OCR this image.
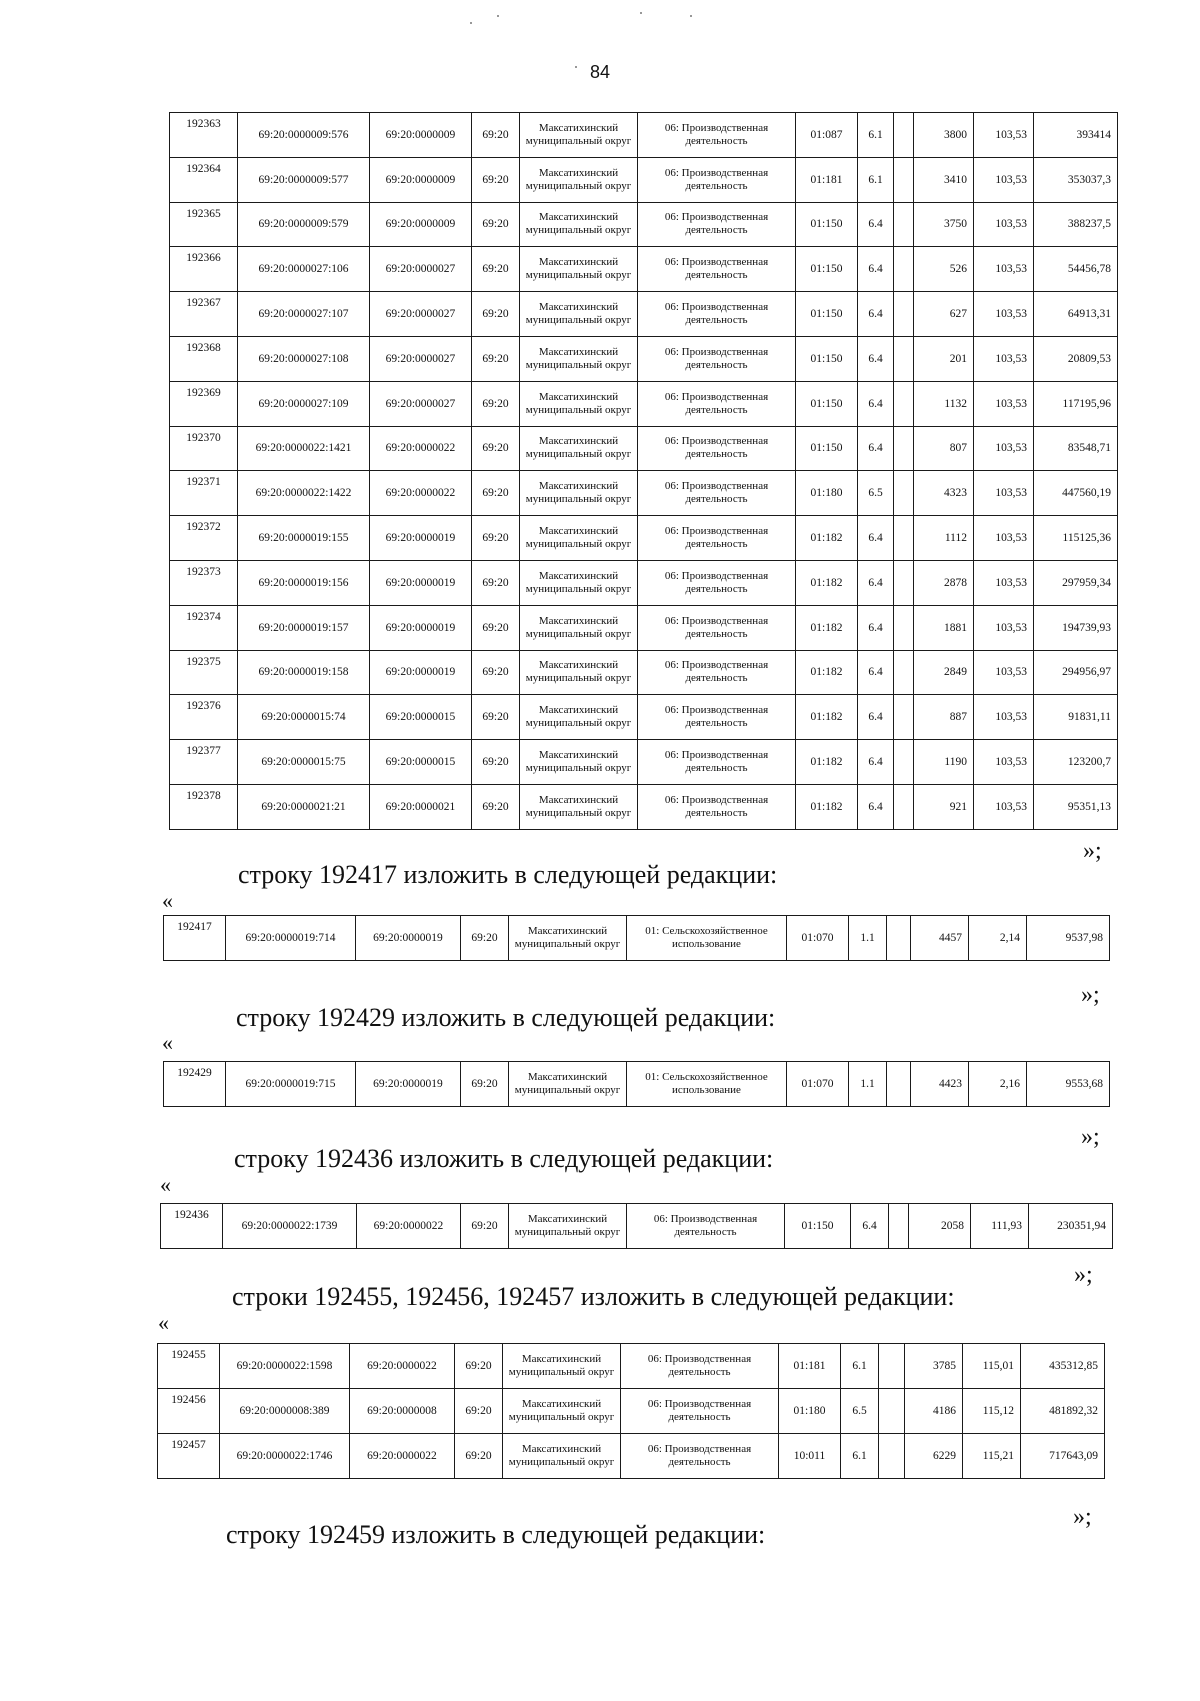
84
192363	69:20:0000009:576	69:20:0000009	69:20	Максатихинский муниципальный округ	06: Производственная деятельность	01:087	6.1		3800	103,53	393414
192364	69:20:0000009:577	69:20:0000009	69:20	Максатихинский муниципальный округ	06: Производственная деятельность	01:181	6.1		3410	103,53	353037,3
192365	69:20:0000009:579	69:20:0000009	69:20	Максатихинский муниципальный округ	06: Производственная деятельность	01:150	6.4		3750	103,53	388237,5
192366	69:20:0000027:106	69:20:0000027	69:20	Максатихинский муниципальный округ	06: Производственная деятельность	01:150	6.4		526	103,53	54456,78
192367	69:20:0000027:107	69:20:0000027	69:20	Максатихинский муниципальный округ	06: Производственная деятельность	01:150	6.4		627	103,53	64913,31
192368	69:20:0000027:108	69:20:0000027	69:20	Максатихинский муниципальный округ	06: Производственная деятельность	01:150	6.4		201	103,53	20809,53
192369	69:20:0000027:109	69:20:0000027	69:20	Максатихинский муниципальный округ	06: Производственная деятельность	01:150	6.4		1132	103,53	117195,96
192370	69:20:0000022:1421	69:20:0000022	69:20	Максатихинский муниципальный округ	06: Производственная деятельность	01:150	6.4		807	103,53	83548,71
192371	69:20:0000022:1422	69:20:0000022	69:20	Максатихинский муниципальный округ	06: Производственная деятельность	01:180	6.5		4323	103,53	447560,19
192372	69:20:0000019:155	69:20:0000019	69:20	Максатихинский муниципальный округ	06: Производственная деятельность	01:182	6.4		1112	103,53	115125,36
192373	69:20:0000019:156	69:20:0000019	69:20	Максатихинский муниципальный округ	06: Производственная деятельность	01:182	6.4		2878	103,53	297959,34
192374	69:20:0000019:157	69:20:0000019	69:20	Максатихинский муниципальный округ	06: Производственная деятельность	01:182	6.4		1881	103,53	194739,93
192375	69:20:0000019:158	69:20:0000019	69:20	Максатихинский муниципальный округ	06: Производственная деятельность	01:182	6.4		2849	103,53	294956,97
192376	69:20:0000015:74	69:20:0000015	69:20	Максатихинский муниципальный округ	06: Производственная деятельность	01:182	6.4		887	103,53	91831,11
192377	69:20:0000015:75	69:20:0000015	69:20	Максатихинский муниципальный округ	06: Производственная деятельность	01:182	6.4		1190	103,53	123200,7
192378	69:20:0000021:21	69:20:0000021	69:20	Максатихинский муниципальный округ	06: Производственная деятельность	01:182	6.4		921	103,53	95351,13
»;
строку 192417 изложить в следующей редакции:
«
192417	69:20:0000019:714	69:20:0000019	69:20	Максатихинский муниципальный округ	01: Сельскохозяйственное использование	01:070	1.1		4457	2,14	9537,98
»;
строку 192429 изложить в следующей редакции:
«
192429	69:20:0000019:715	69:20:0000019	69:20	Максатихинский муниципальный округ	01: Сельскохозяйственное использование	01:070	1.1		4423	2,16	9553,68
»;
строку 192436 изложить в следующей редакции:
«
192436	69:20:0000022:1739	69:20:0000022	69:20	Максатихинский муниципальный округ	06: Производственная деятельность	01:150	6.4		2058	111,93	230351,94
»;
строки 192455, 192456, 192457 изложить в следующей редакции:
«
192455	69:20:0000022:1598	69:20:0000022	69:20	Максатихинский муниципальный округ	06: Производственная деятельность	01:181	6.1		3785	115,01	435312,85
192456	69:20:0000008:389	69:20:0000008	69:20	Максатихинский муниципальный округ	06: Производственная деятельность	01:180	6.5		4186	115,12	481892,32
192457	69:20:0000022:1746	69:20:0000022	69:20	Максатихинский муниципальный округ	06: Производственная деятельность	10:011	6.1		6229	115,21	717643,09
»;
строку 192459 изложить в следующей редакции:
